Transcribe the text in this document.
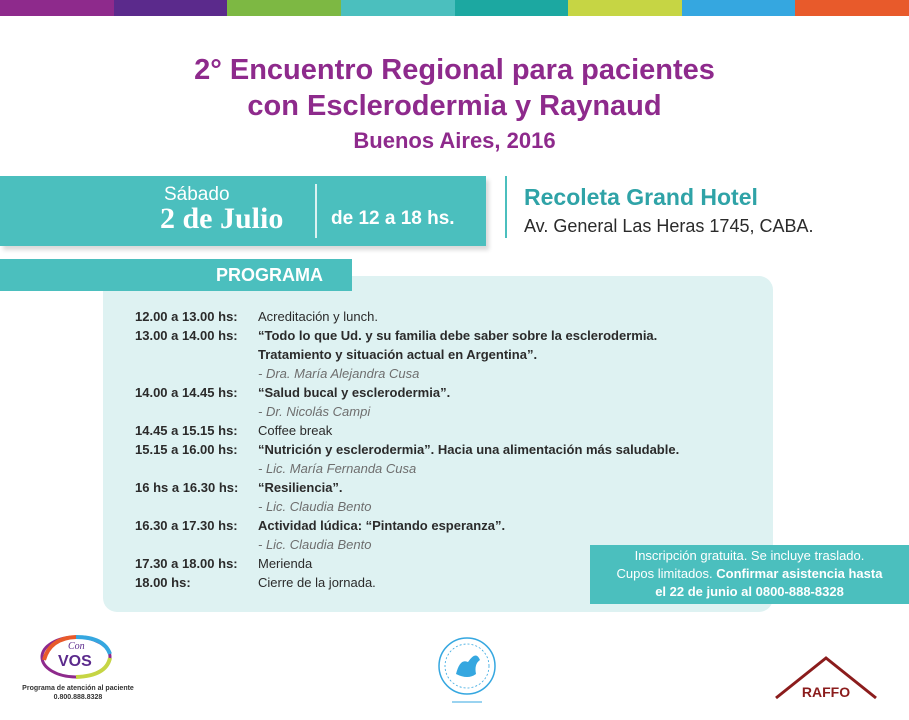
2° Encuentro Regional para pacientes
con Esclerodermia y Raynaud
Buenos Aires, 2016
Sábado
2 de Julio	de 12 a 18 hs.
Recoleta Grand Hotel
Av. General Las Heras 1745, CABA.
PROGRAMA
12.00 a 13.00 hs:	Acreditación y lunch.
13.00 a 14.00 hs:	“Todo lo que Ud. y su familia debe saber sobre la esclerodermia.
Tratamiento y situación actual en Argentina”.
- Dra. María Alejandra Cusa
14.00 a 14.45 hs:	“Salud bucal y esclerodermia”.
- Dr. Nicolás Campi
14.45 a 15.15 hs:	Coffee break
15.15 a 16.00 hs:	“Nutrición y esclerodermia”. Hacia una alimentación más saludable.
- Lic. María Fernanda Cusa
16 hs a 16.30 hs:	“Resiliencia”.
- Lic. Claudia Bento
16.30 a 17.30 hs:	Actividad lúdica: “Pintando esperanza”.
- Lic. Claudia Bento
17.30 a 18.00 hs:	Merienda
18.00 hs:	Cierre de la jornada.
Inscripción gratuita. Se incluye traslado.
Cupos limitados. Confirmar asistencia hasta
el 22 de junio al 0800-888-8328
Con
VOS
Programa de atención al paciente
0.800.888.8328	RAFFO
